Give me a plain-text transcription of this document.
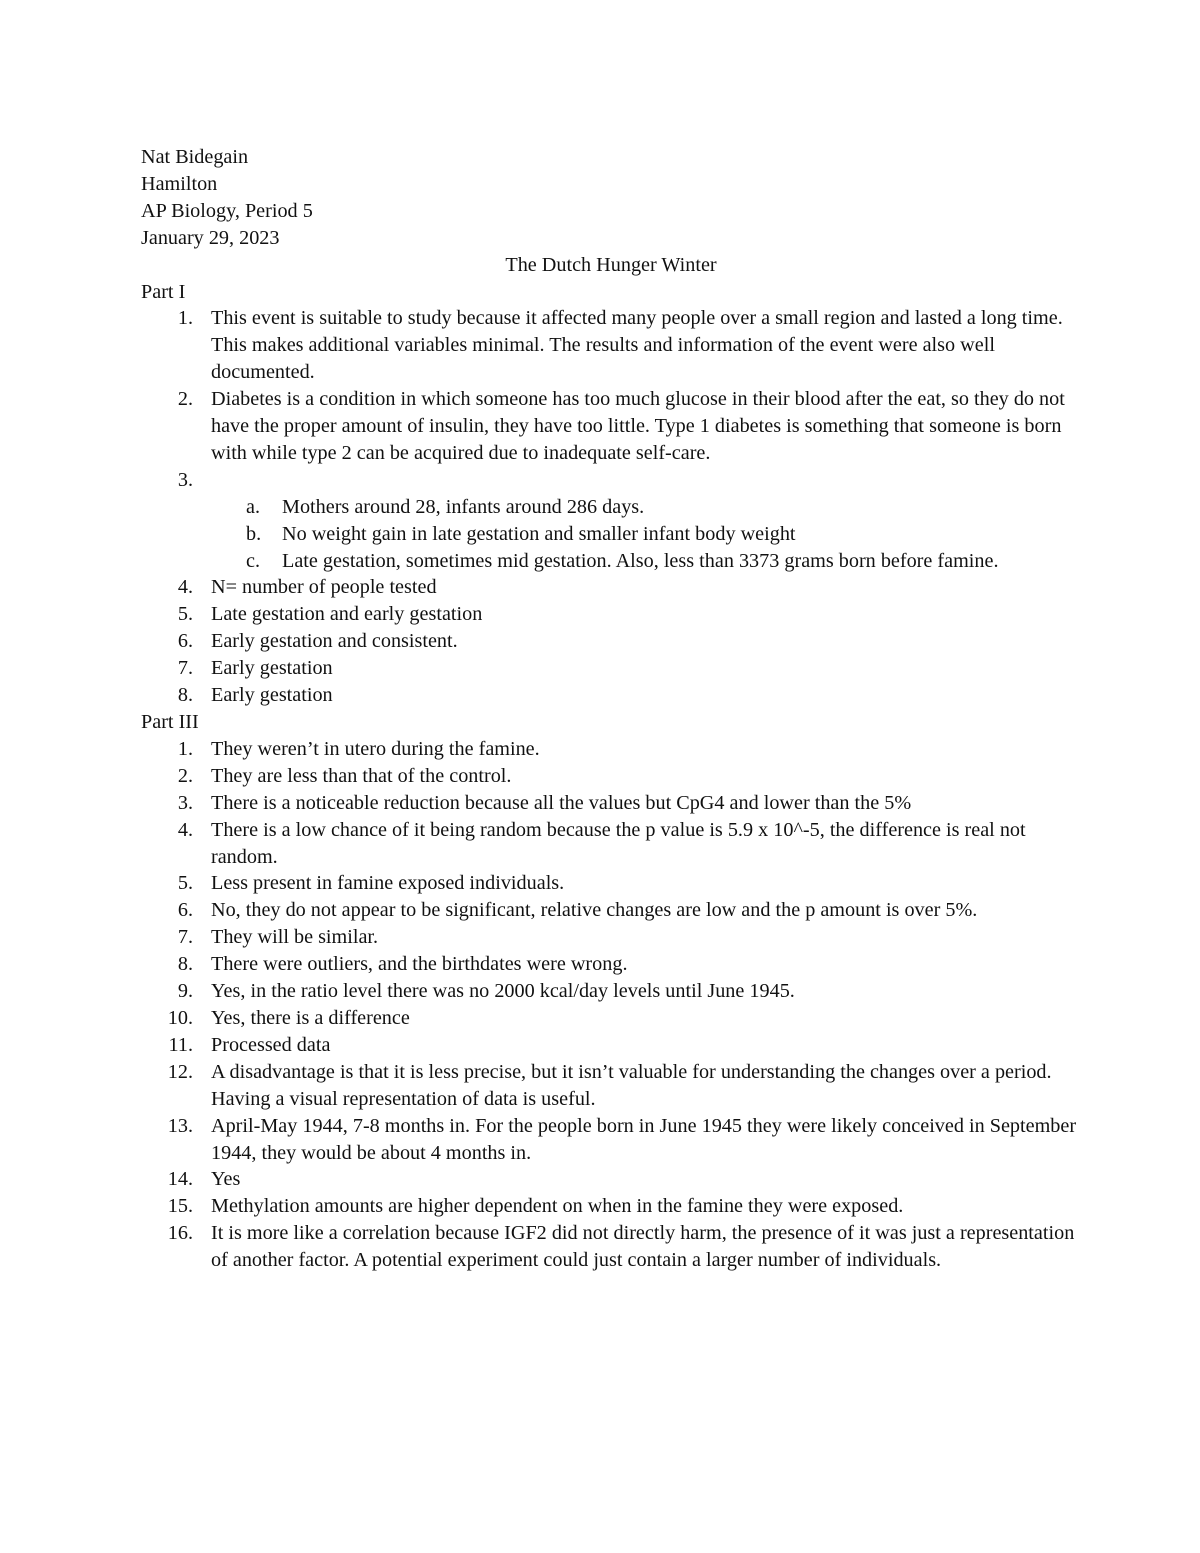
Nat Bidegain

Hamilton

AP Biology, Period 5

January 29, 2023

The Dutch Hunger Winter

Part I

1. This event is suitable to study because it affected many people over a small region and lasted a long time. This makes additional variables minimal. The results and information of the event were also well documented.
2. Diabetes is a condition in which someone has too much glucose in their blood after the eat, so they do not have the proper amount of insulin, they have too little. Type 1 diabetes is something that someone is born with while type 2 can be acquired due to inadequate self-care.
3.
a.	Mothers around 28, infants around 286 days.
b.	No weight gain in late gestation and smaller infant body weight
c.	Late gestation, sometimes mid gestation. Also, less than 3373 grams born before famine.
4. N= number of people tested
5. Late gestation and early gestation
6. Early gestation and consistent.
7. Early gestation
8. Early gestation

Part III

1. They weren’t in utero during the famine.
2. They are less than that of the control.
3. There is a noticeable reduction because all the values but CpG4 and lower than the 5%
4. There is a low chance of it being random because the p value is 5.9 x 10^-5, the difference is real not random.
5. Less present in famine exposed individuals.
6. No, they do not appear to be significant, relative changes are low and the p amount is over 5%.
7. They will be similar.
8. There were outliers, and the birthdates were wrong.
9. Yes, in the ratio level there was no 2000 kcal/day levels until June 1945.
10. Yes, there is a difference
11. Processed data
12. A disadvantage is that it is less precise, but it isn’t valuable for understanding the changes over a period. Having a visual representation of data is useful.
13. April-May 1944, 7-8 months in. For the people born in June 1945 they were likely conceived in September 1944, they would be about 4 months in.
14. Yes
15. Methylation amounts are higher dependent on when in the famine they were exposed.
16. It is more like a correlation because IGF2 did not directly harm, the presence of it was just a representation of another factor. A potential experiment could just contain a larger number of individuals.
